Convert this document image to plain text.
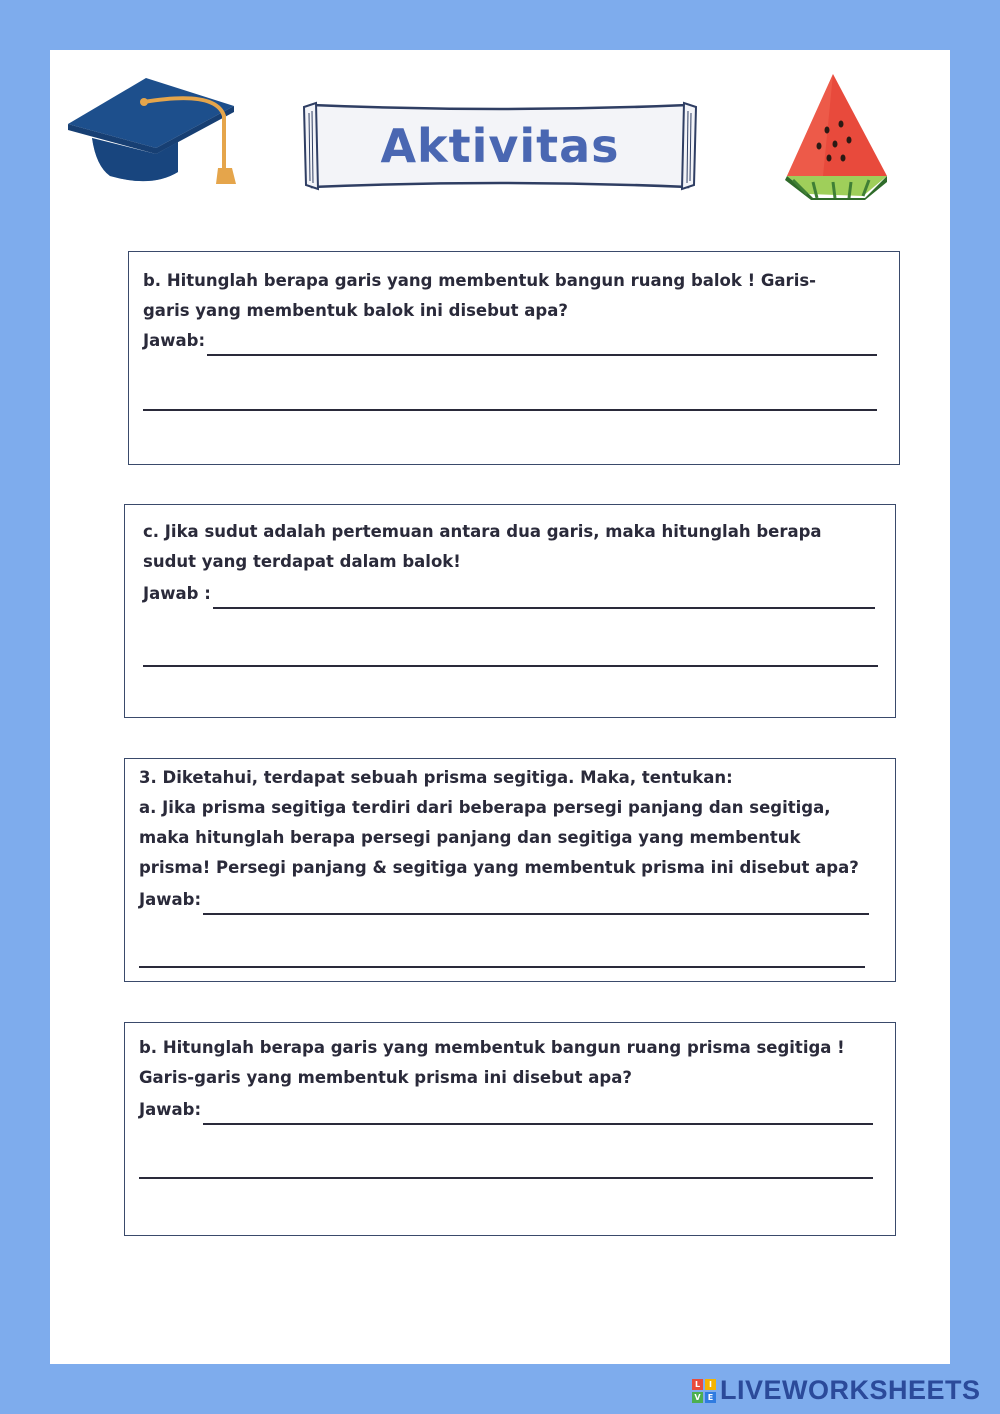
Aktivitas
b. Hitunglah berapa garis yang membentuk bangun ruang balok ! Garis-
garis yang membentuk balok ini disebut apa?
Jawab:
c. Jika sudut adalah pertemuan antara dua garis, maka hitunglah berapa
sudut yang terdapat dalam balok!
Jawab :
3. Diketahui, terdapat sebuah prisma segitiga. Maka, tentukan:
a. Jika prisma segitiga terdiri dari beberapa persegi panjang dan segitiga,
maka hitunglah berapa persegi panjang dan segitiga yang membentuk
prisma! Persegi panjang & segitiga yang membentuk prisma ini disebut apa?
Jawab:
b. Hitunglah berapa garis yang membentuk bangun ruang prisma segitiga !
Garis-garis yang membentuk prisma ini disebut apa?
Jawab:
L	I
V E LIVEWORKSHEETS
